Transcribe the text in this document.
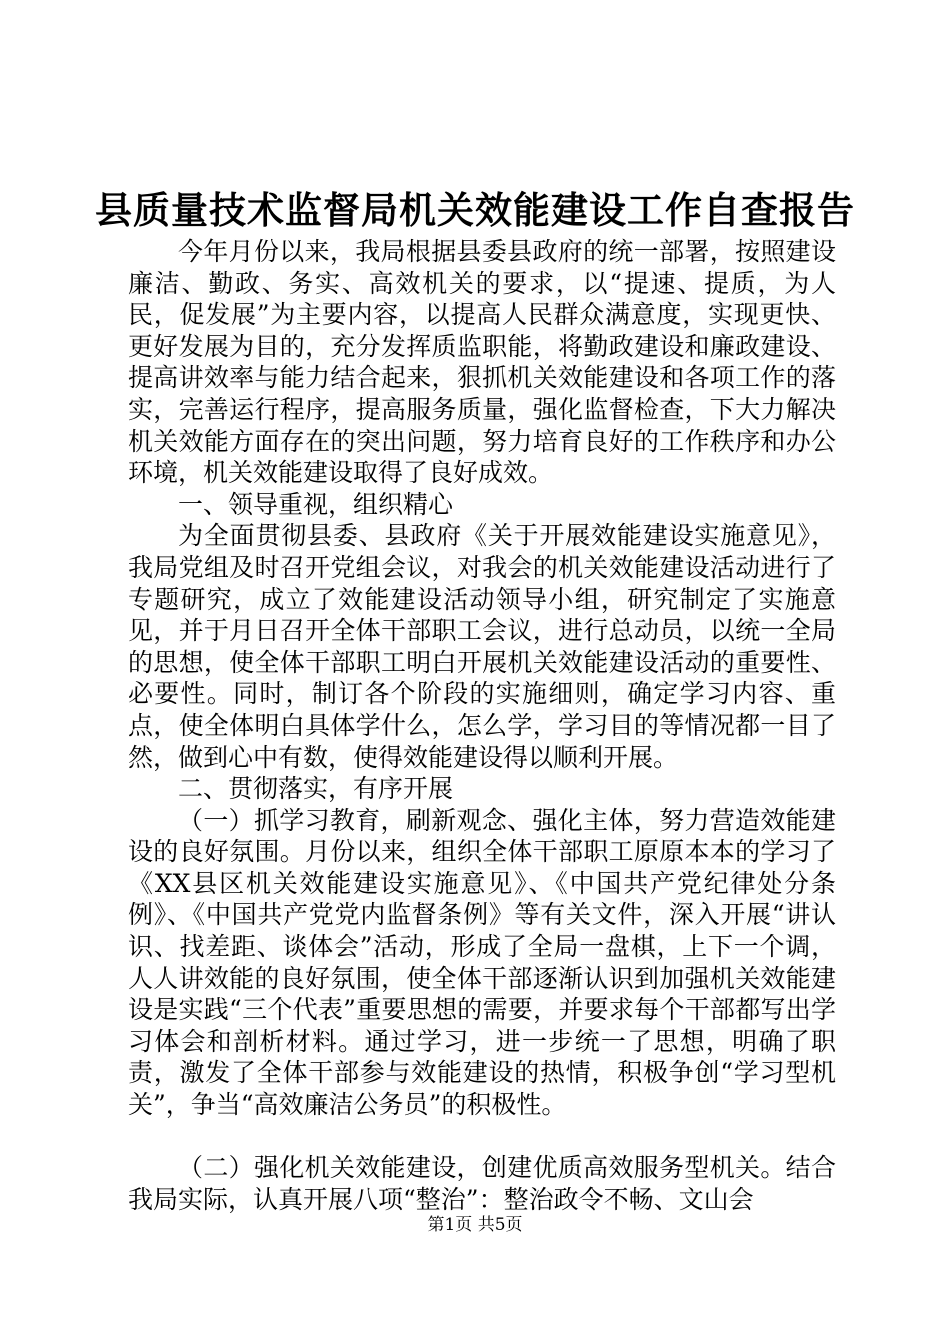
县质量技术监督局机关效能建设工作自查报告

今年月份以来，我局根据县委县政府的统一部署，按照建设廉洁、勤政、务实、高效机关的要求，以“提速、提质，为人民，促发展”为主要内容，以提高人民群众满意度，实现更快、更好发展为目的，充分发挥质监职能，将勤政建设和廉政建设、提高讲效率与能力结合起来，狠抓机关效能建设和各项工作的落实，完善运行程序，提高服务质量，强化监督检查，下大力解决机关效能方面存在的突出问题，努力培育良好的工作秩序和办公环境，机关效能建设取得了良好成效。

一、领导重视，组织精心

为全面贯彻县委、县政府《关于开展效能建设实施意见》，我局党组及时召开党组会议，对我会的机关效能建设活动进行了专题研究，成立了效能建设活动领导小组，研究制定了实施意见，并于月日召开全体干部职工会议，进行总动员，以统一全局的思想，使全体干部职工明白开展机关效能建设活动的重要性、必要性。同时，制订各个阶段的实施细则，确定学习内容、重点，使全体明白具体学什么，怎么学，学习目的等情况都一目了然，做到心中有数，使得效能建设得以顺利开展。

二、贯彻落实，有序开展

（一）抓学习教育，刷新观念、强化主体，努力营造效能建设的良好氛围。月份以来，组织全体干部职工原原本本的学习了《XX县区机关效能建设实施意见》、《中国共产党纪律处分条例》、《中国共产党党内监督条例》等有关文件，深入开展“讲认识、找差距、谈体会”活动，形成了全局一盘棋，上下一个调，人人讲效能的良好氛围，使全体干部逐渐认识到加强机关效能建设是实践“三个代表”重要思想的需要，并要求每个干部都写出学习体会和剖析材料。通过学习，进一步统一了思想，明确了职责，激发了全体干部参与效能建设的热情，积极争创“学习型机关”，争当“高效廉洁公务员”的积极性。

（二）强化机关效能建设，创建优质高效服务型机关。结合我局实际，认真开展八项“整治”：整治政令不畅、文山会

第1页 共5页
